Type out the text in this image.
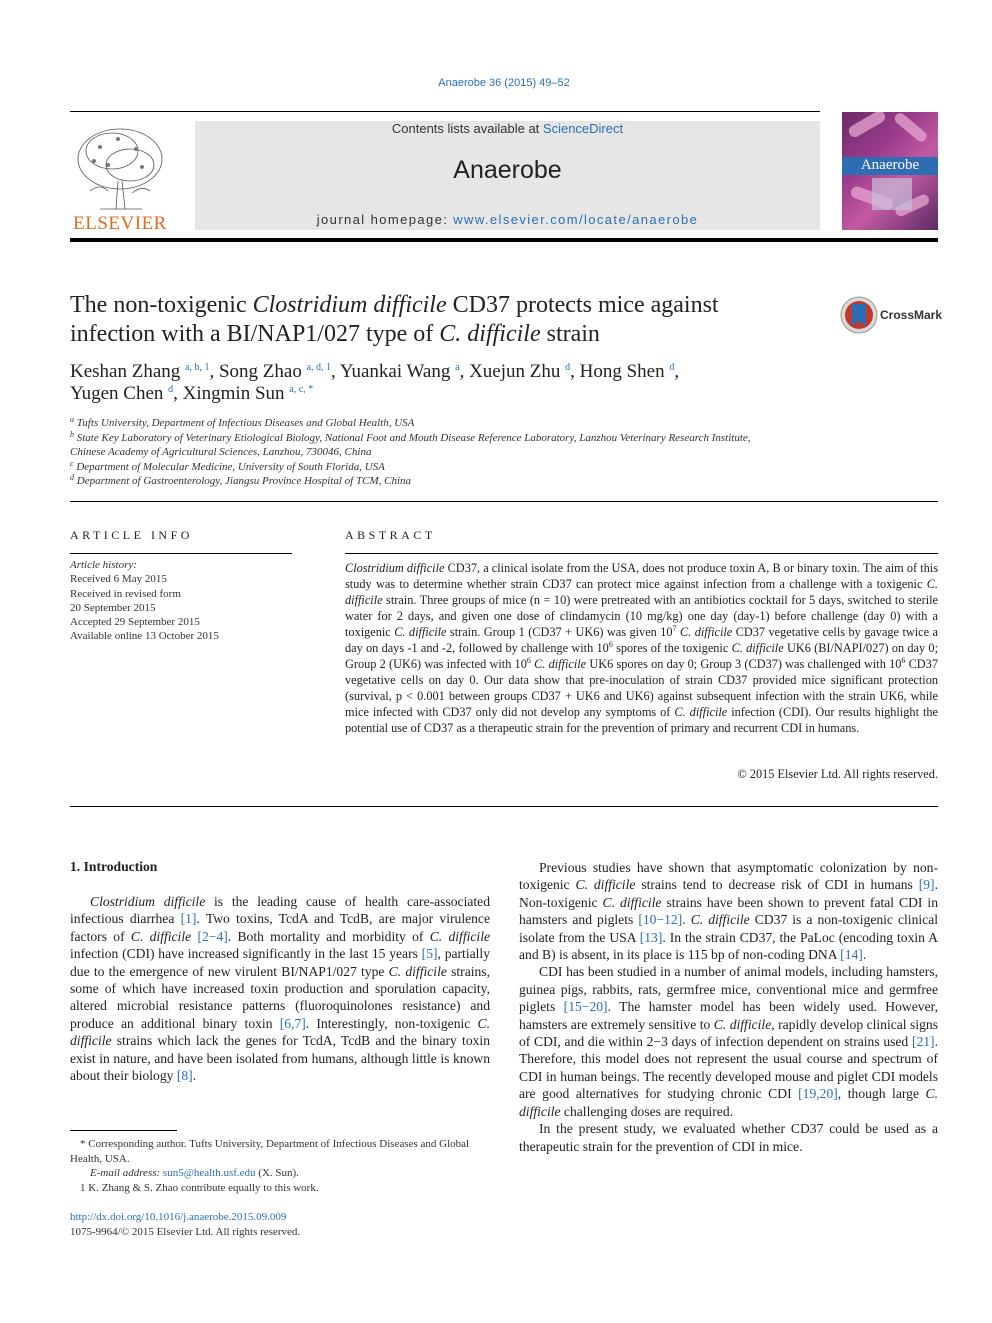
Anaerobe 36 (2015) 49–52
ELSEVIER
Contents lists available at ScienceDirect
Anaerobe
journal homepage: www.elsevier.com/locate/anaerobe
Anaerobe
The non-toxigenic Clostridium difficile CD37 protects mice against
infection with a BI/NAP1/027 type of C. difficile strain
CrossMark
Keshan Zhang $^{a, b, 1}$, Song Zhao $^{a, d, 1}$, Yuankai Wang $^a$, Xuejun Zhu $^d$, Hong Shen $^d$,
Yugen Chen $^d$, Xingmin Sun $^{a, c, *}$
$^a$ Tufts University, Department of Infectious Diseases and Global Health, USA
$^b$ State Key Laboratory of Veterinary Etiological Biology, National Foot and Mouth Disease Reference Laboratory, Lanzhou Veterinary Research Institute,
Chinese Academy of Agricultural Sciences, Lanzhou, 730046, China
$^c$ Department of Molecular Medicine, University of South Florida, USA
$^d$ Department of Gastroenterology, Jiangsu Province Hospital of TCM, China
ARTICLE INFO
Article history:
Received 6 May 2015
Received in revised form
20 September 2015
Accepted 29 September 2015
Available online 13 October 2015
ABSTRACT
Clostridium difficile CD37, a clinical isolate from the USA, does not produce toxin A, B or binary toxin. The aim of this study was to determine whether strain CD37 can protect mice against infection from a challenge with a toxigenic C. difficile strain. Three groups of mice (n = 10) were pretreated with an antibiotics cocktail for 5 days, switched to sterile water for 2 days, and given one dose of clindamycin (10 mg/kg) one day (day-1) before challenge (day 0) with a toxigenic C. difficile strain. Group 1 (CD37 + UK6) was given $10^7$ C. difficile CD37 vegetative cells by gavage twice a day on days -1 and -2, followed by challenge with $10^6$ spores of the toxigenic C. difficile UK6 (BI/NAPI/027) on day 0; Group 2 (UK6) was infected with $10^6$ C. difficile UK6 spores on day 0; Group 3 (CD37) was challenged with $10^6$ CD37 vegetative cells on day 0. Our data show that pre-inoculation of strain CD37 provided mice significant protection (survival, p < 0.001 between groups CD37 + UK6 and UK6) against subsequent infection with the strain UK6, while mice infected with CD37 only did not develop any symptoms of C. difficile infection (CDI). Our results highlight the potential use of CD37 as a therapeutic strain for the prevention of primary and recurrent CDI in humans.
© 2015 Elsevier Ltd. All rights reserved.
1. Introduction

Clostridium difficile is the leading cause of health care-associated infectious diarrhea [1]. Two toxins, TcdA and TcdB, are major virulence factors of C. difficile [2−4]. Both mortality and morbidity of C. difficile infection (CDI) have increased significantly in the last 15 years [5], partially due to the emergence of new virulent BI/NAP1/027 type C. difficile strains, some of which have increased toxin production and sporulation capacity, altered microbial resistance patterns (fluoroquinolones resistance) and produce an additional binary toxin [6,7]. Interestingly, non-toxigenic C. difficile strains which lack the genes for TcdA, TcdB and the binary toxin exist in nature, and have been isolated from humans, although little is known about their biology [8].

Previous studies have shown that asymptomatic colonization by non-toxigenic C. difficile strains tend to decrease risk of CDI in humans [9]. Non-toxigenic C. difficile strains have been shown to prevent fatal CDI in hamsters and piglets [10−12]. C. difficile CD37 is a non-toxigenic clinical isolate from the USA [13]. In the strain CD37, the PaLoc (encoding toxin A and B) is absent, in its place is 115 bp of non-coding DNA [14].

CDI has been studied in a number of animal models, including hamsters, guinea pigs, rabbits, rats, germfree mice, conventional mice and germfree piglets [15−20]. The hamster model has been widely used. However, hamsters are extremely sensitive to C. difficile, rapidly develop clinical signs of CDI, and die within 2−3 days of infection dependent on strains used [21]. Therefore, this model does not represent the usual course and spectrum of CDI in human beings. The recently developed mouse and piglet CDI models are good alternatives for studying chronic CDI [19,20], though large C. difficile challenging doses are required.

In the present study, we evaluated whether CD37 could be used as a therapeutic strain for the prevention of CDI in mice.

* Corresponding author. Tufts University, Department of Infectious Diseases and Global Health, USA.
E-mail address: sun5@health.usf.edu (X. Sun).
1 K. Zhang & S. Zhao contribute equally to this work.
http://dx.doi.org/10.1016/j.anaerobe.2015.09.009
1075-9964/© 2015 Elsevier Ltd. All rights reserved.
